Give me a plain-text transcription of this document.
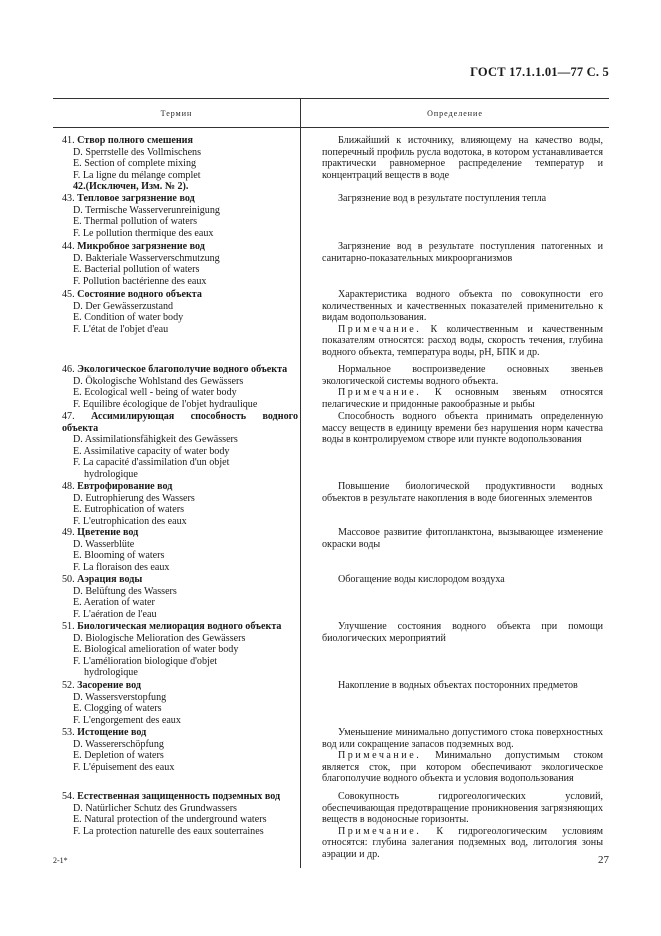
ГОСТ 17.1.1.01—77 С. 5
Термин	Определение
41. Створ полного смешения
D. Sperrstelle des Vollmischens
E. Section of complete mixing
F. La ligne du mélange complet
42.(Исключен, Изм. № 2).

Ближайший к источнику, влияющему на качество воды, поперечный профиль русла водотока, в котором устанавливается практически равномерное распределение температур и концентраций веществ в воде

43. Тепловое загрязнение вод
D. Termische Wasserverunreinigung
E. Thermal pollution of waters
F. Le pollution thermique des eaux

Загрязнение вод в результате поступления тепла

44. Микробное загрязнение вод
D. Bakteriale Wasserverschmutzung
E. Bacterial pollution of waters
F. Pollution bactérienne des eaux

Загрязнение вод в результате поступления патогенных и санитарно-показательных микроорганизмов

45. Состояние водного объекта
D. Der Gewässerzustand
E. Condition of water body
F. L'état de l'objet d'eau

Характеристика водного объекта по совокупности его количественных и качественных показателей применительно к видам водопользования.

Примечание. К количественным и качественным показателям относятся: расход воды, скорость течения, глубина водного объекта, температура воды, pH, БПК и др.

46. Экологическое благополучие водного объекта
D. Ökologische Wohlstand des Gewässers
E. Ecological well - being of water body
F. Equilibre écologique de l'objet hydraulique

Нормальное воспроизведение основных звеньев экологической системы водного объекта.

Примечание. К основным звеньям относятся пелагические и придонные ракообразные и рыбы

47. Ассимилирующая способность водного
объекта
D. Assimilationsfähigkeit des Gewässers
E. Assimilative capacity of water body
F. La capacité d'assimilation d'un objet
hydrologique

Способность водного объекта принимать определенную массу веществ в единицу времени без нарушения норм качества воды в контролируемом створе или пункте водопользования

48. Евтрофирование вод
D. Eutrophierung des Wassers
E. Eutrophication of waters
F. L'eutrophication des eaux

Повышение биологической продуктивности водных объектов в результате накопления в воде биогенных элементов

49. Цветение вод
D. Wasserblüte
E. Blooming of waters
F. La floraison des eaux

Массовое развитие фитопланктона, вызывающее изменение окраски воды

50. Аэрация воды
D. Belüftung des Wassers
E. Aeration of water
F. L'aération de l'eau

Обогащение воды кислородом воздуха

51. Биологическая мелиорация водного объекта
D. Biologische Melioration des Gewässers
E. Biological amelioration of water body
F. L'amélioration biologique d'objet
hydrologique

Улучшение состояния водного объекта при помощи биологических мероприятий

52. Засорение вод
D. Wassersverstopfung
E. Clogging of waters
F. L'engorgement des eaux

Накопление в водных объектах посторонних предметов

53. Истощение вод
D. Wassererschöpfung
E. Depletion of waters
F. L'épuisement des eaux

Уменьшение минимально допустимого стока поверхностных вод или сокращение запасов подземных вод.

Примечание. Минимально допустимым стоком является сток, при котором обеспечивают экологическое благополучие водного объекта и условия водопользования

54. Естественная защищенность подземных вод
D. Natürlicher Schutz des Grundwassers
E. Natural protection of the underground waters
F. La protection naturelle des eaux souterraines

Совокупность гидрогеологических условий, обеспечивающая предотвращение проникновения загрязняющих веществ в водоносные горизонты.

Примечание. К гидрогеологическим условиям относятся: глубина залегания подземных вод, литология зоны аэрации и др.

2-1*	27
